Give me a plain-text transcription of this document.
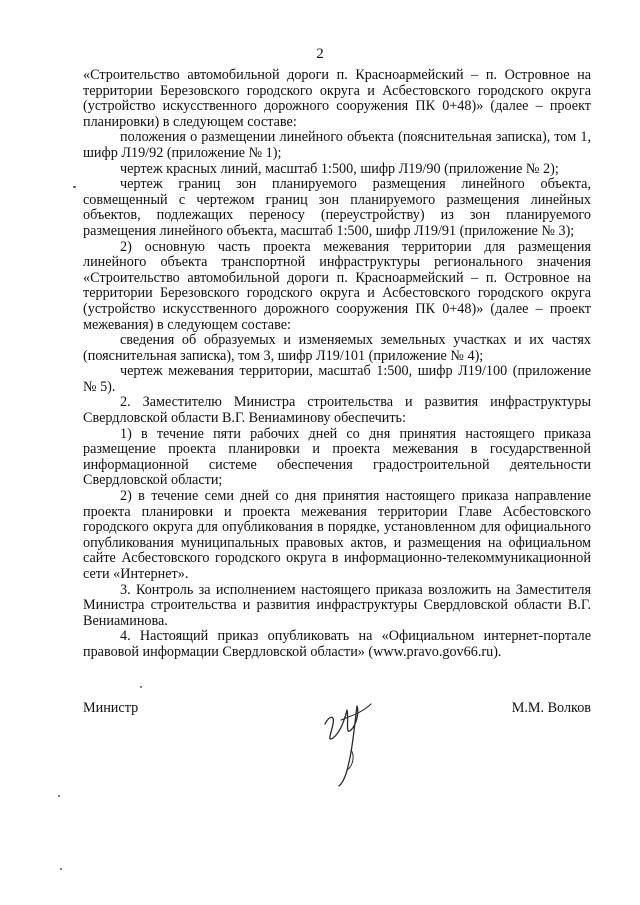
2

«Строительство автомобильной дороги п. Красноармейский – п. Островное на территории Березовского городского округа и Асбестовского городского округа (устройство искусственного дорожного сооружения ПК 0+48)» (далее – проект планировки) в следующем составе:

положения о размещении линейного объекта (пояснительная записка), том 1, шифр Л19/92 (приложение № 1);

чертеж красных линий, масштаб 1:500, шифр Л19/90 (приложение № 2);

чертеж границ зон планируемого размещения линейного объекта, совмещенный с чертежом границ зон планируемого размещения линейных объектов, подлежащих переносу (переустройству) из зон планируемого размещения линейного объекта, масштаб 1:500, шифр Л19/91 (приложение № 3);

2) основную часть проекта межевания территории для размещения линейного объекта транспортной инфраструктуры регионального значения «Строительство автомобильной дороги п. Красноармейский – п. Островное на территории Березовского городского округа и Асбестовского городского округа (устройство искусственного дорожного сооружения ПК 0+48)» (далее – проект межевания) в следующем составе:

сведения об образуемых и изменяемых земельных участках и их частях (пояснительная записка), том 3, шифр Л19/101 (приложение № 4);

чертеж межевания территории, масштаб 1:500, шифр Л19/100 (приложение № 5).

2. Заместителю Министра строительства и развития инфраструктуры Свердловской области В.Г. Вениаминову обеспечить:

1) в течение пяти рабочих дней со дня принятия настоящего приказа размещение проекта планировки и проекта межевания в государственной информационной системе обеспечения градостроительной деятельности Свердловской области;

2) в течение семи дней со дня принятия настоящего приказа направление проекта планировки и проекта межевания территории Главе Асбестовского городского округа для опубликования в порядке, установленном для официального опубликования муниципальных правовых актов, и размещения на официальном сайте Асбестовского городского округа в информационно-телекоммуникационной сети «Интернет».

3. Контроль за исполнением настоящего приказа возложить на Заместителя Министра строительства и развития инфраструктуры Свердловской области В.Г. Вениаминова.

4. Настоящий приказ опубликовать на «Официальном интернет-портале правовой информации Свердловской области» (www.pravo.gov66.ru).

Министр	М.М. Волков
